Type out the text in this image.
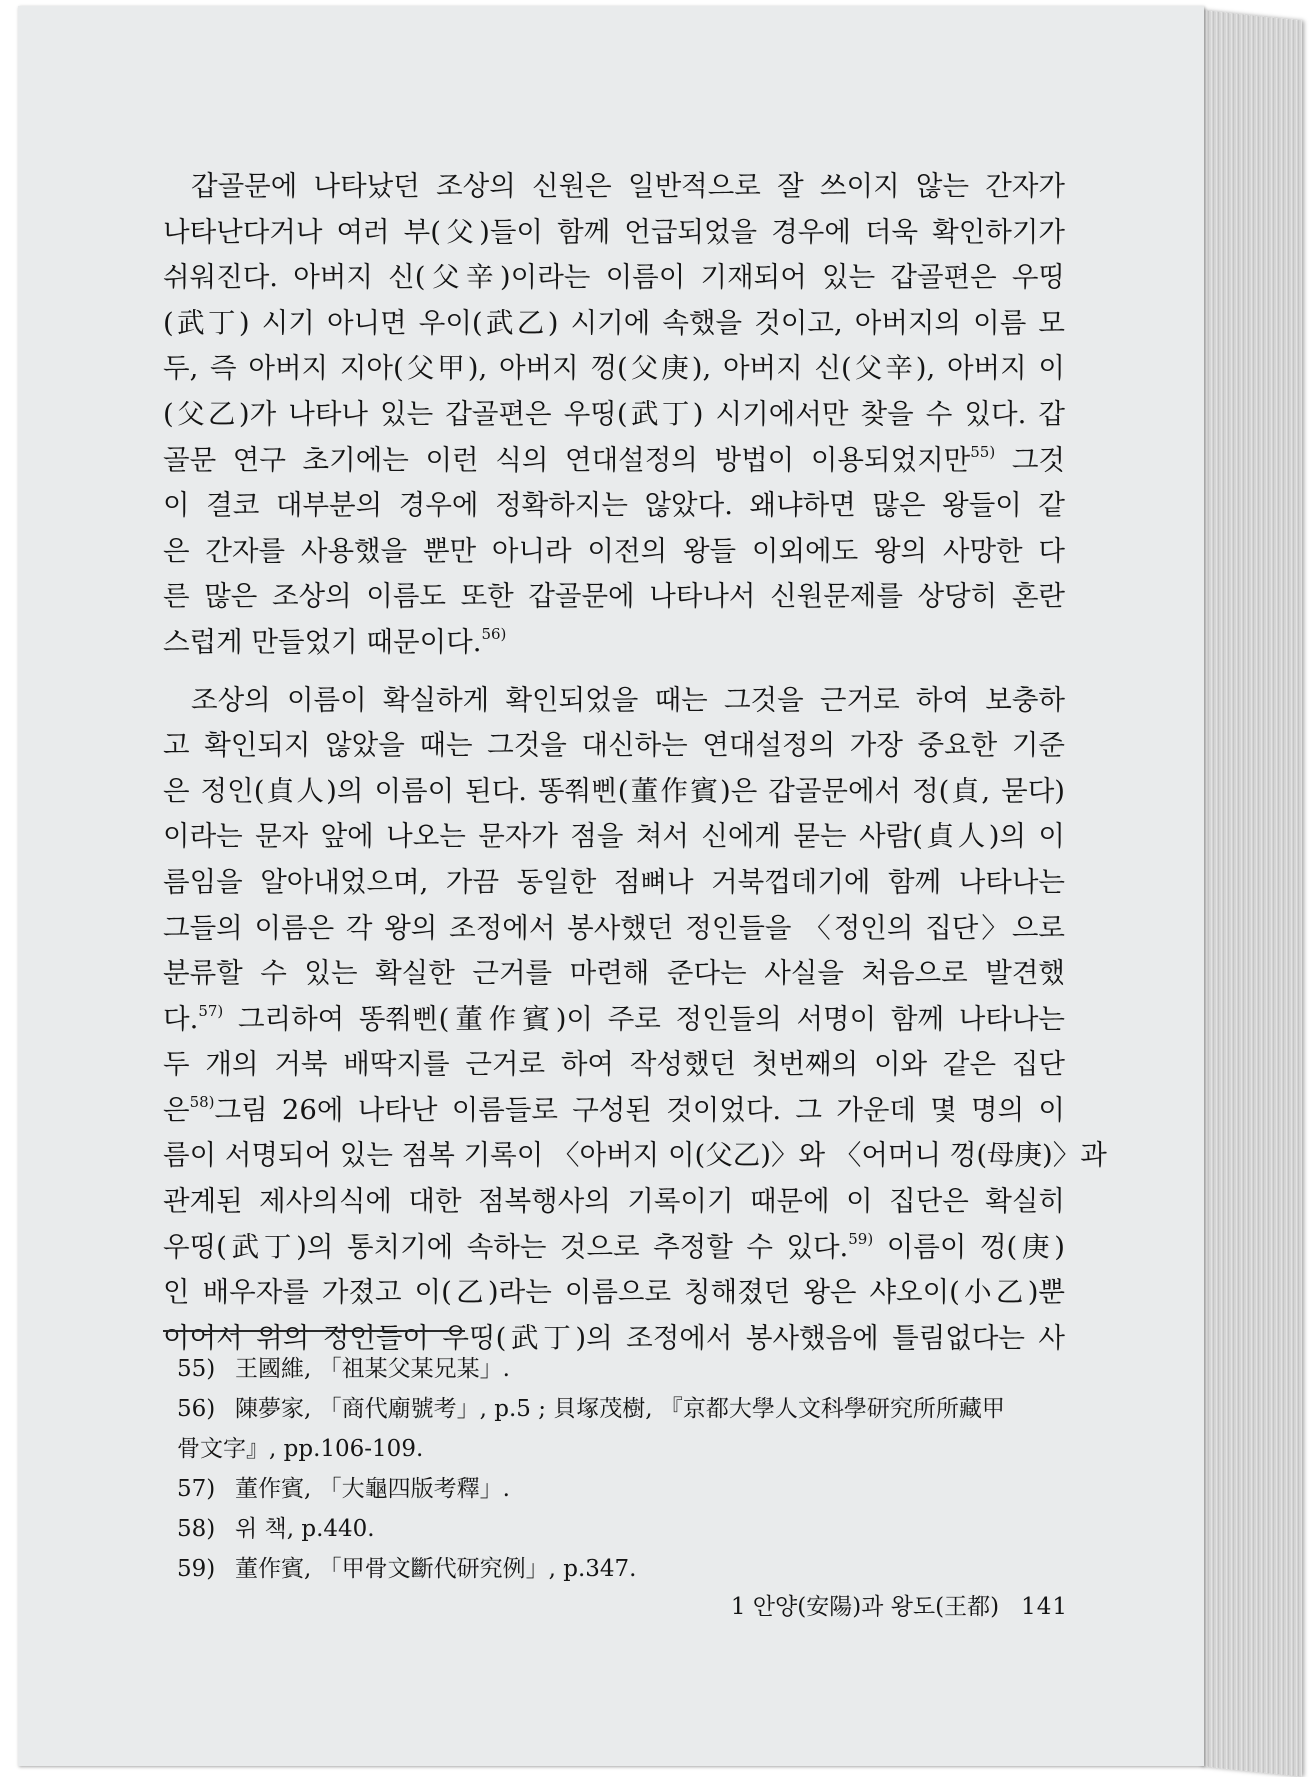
갑골문에 나타났던 조상의 신원은 일반적으로 잘 쓰이지 않는 간자가
나타난다거나 여러 부(父)들이 함께 언급되었을 경우에 더욱 확인하기가
쉬워진다. 아버지 신(父辛)이라는 이름이 기재되어 있는 갑골편은 우띵
(武丁) 시기 아니면 우이(武乙) 시기에 속했을 것이고, 아버지의 이름 모
두, 즉 아버지 지아(父甲), 아버지 껑(父庚), 아버지 신(父辛), 아버지 이
(父乙)가 나타나 있는 갑골편은 우띵(武丁) 시기에서만 찾을 수 있다. 갑
골문 연구 초기에는 이런 식의 연대설정의 방법이 이용되었지만$^{55)}$ 그것
이 결코 대부분의 경우에 정확하지는 않았다. 왜냐하면 많은 왕들이 같
은 간자를 사용했을 뿐만 아니라 이전의 왕들 이외에도 왕의 사망한 다
른 많은 조상의 이름도 또한 갑골문에 나타나서 신원문제를 상당히 혼란
스럽게 만들었기 때문이다.$^{56)}$
조상의 이름이 확실하게 확인되었을 때는 그것을 근거로 하여 보충하
고 확인되지 않았을 때는 그것을 대신하는 연대설정의 가장 중요한 기준
은 정인(貞人)의 이름이 된다. 똥쭤삔(董作賓)은 갑골문에서 정(貞, 묻다)
이라는 문자 앞에 나오는 문자가 점을 쳐서 신에게 묻는 사람(貞人)의 이
름임을 알아내었으며, 가끔 동일한 점뼈나 거북껍데기에 함께 나타나는
그들의 이름은 각 왕의 조정에서 봉사했던 정인들을 〈정인의 집단〉으로
분류할 수 있는 확실한 근거를 마련해 준다는 사실을 처음으로 발견했
다.$^{57)}$ 그리하여 똥쭤삔(董作賓)이 주로 정인들의 서명이 함께 나타나는
두 개의 거북 배딱지를 근거로 하여 작성했던 첫번째의 이와 같은 집단
은$^{58)}$그림 26에 나타난 이름들로 구성된 것이었다. 그 가운데 몇 명의 이
름이 서명되어 있는 점복 기록이 〈아버지 이(父乙)〉와 〈어머니 껑(母庚)〉과
관계된 제사의식에 대한 점복행사의 기록이기 때문에 이 집단은 확실히
우띵(武丁)의 통치기에 속하는 것으로 추정할 수 있다.$^{59)}$ 이름이 껑(庚)
인 배우자를 가졌고 이(乙)라는 이름으로 칭해졌던 왕은 샤오이(小乙)뿐
이어서 위의 정인들이 우띵(武丁)의 조정에서 봉사했음에 틀림없다는 사
55) 王國維, 「祖某父某兄某」.
56) 陳夢家, 「商代廟號考」, p.5 ; 貝塚茂樹, 『京都大學人文科學研究所所藏甲
骨文字』, pp.106-109.
57) 董作賓, 「大龜四版考釋」.
58) 위 책, p.440.
59) 董作賓, 「甲骨文斷代研究例」, p.347.
1 안양(安陽)과 왕도(王都) 141
